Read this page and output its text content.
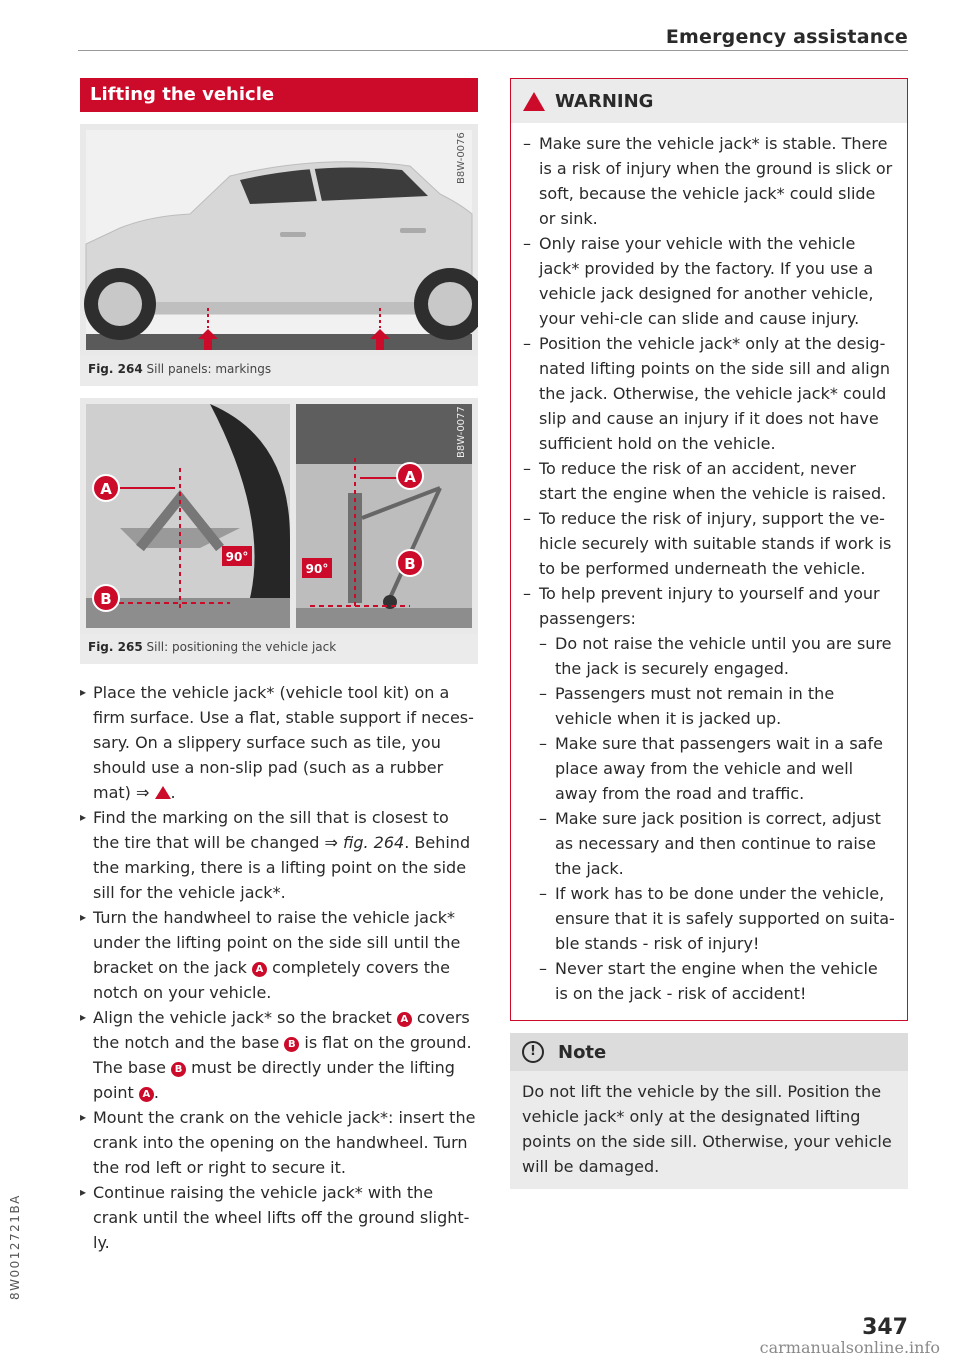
Emergency assistance
8W0012721BA
Lifting the vehicle
B8W-0076
Fig. 264 Sill panels: markings
A
B
90°
A
B
90°
B8W-0077
Fig. 265 Sill: positioning the vehicle jack
▸ Place the vehicle jack* (vehicle tool kit) on a firm surface. Use a flat, stable support if neces-sary. On a slippery surface such as tile, you should use a non-slip pad (such as a rubber mat) ⇒ .
▸ Find the marking on the sill that is closest to the tire that will be changed ⇒ fig. 264. Behind the marking, there is a lifting point on the side sill for the vehicle jack*.
▸ Turn the handwheel to raise the vehicle jack* under the lifting point on the side sill until the bracket on the jack A completely covers the notch on your vehicle.
▸ Align the vehicle jack* so the bracket A covers the notch and the base B is flat on the ground. The base B must be directly under the lifting point A .
▸ Mount the crank on the vehicle jack*: insert the crank into the opening on the handwheel. Turn the rod left or right to secure it.
▸ Continue raising the vehicle jack* with the crank until the wheel lifts off the ground slight-ly.
WARNING
– Make sure the vehicle jack* is stable. There is a risk of injury when the ground is slick or soft, because the vehicle jack* could slide or sink.
– Only raise your vehicle with the vehicle jack* provided by the factory. If you use a vehicle jack designed for another vehicle, your vehi-cle can slide and cause injury.
– Position the vehicle jack* only at the desig-nated lifting points on the side sill and align the jack. Otherwise, the vehicle jack* could slip and cause an injury if it does not have sufficient hold on the vehicle.
– To reduce the risk of an accident, never start the engine when the vehicle is raised.
– To reduce the risk of injury, support the ve-hicle securely with suitable stands if work is to be performed underneath the vehicle.
– To help prevent injury to yourself and your passengers:
– Do not raise the vehicle until you are sure the jack is securely engaged.
– Passengers must not remain in the vehicle when it is jacked up.
– Make sure that passengers wait in a safe place away from the vehicle and well away from the road and traffic.
– Make sure jack position is correct, adjust as necessary and then continue to raise the jack.
– If work has to be done under the vehicle, ensure that it is safely supported on suita-ble stands - risk of injury!
– Never start the engine when the vehicle is on the jack - risk of accident!
!	Note
Do not lift the vehicle by the sill. Position the vehicle jack* only at the designated lifting points on the side sill. Otherwise, your vehicle will be damaged.
347
carmanualsonline.info
